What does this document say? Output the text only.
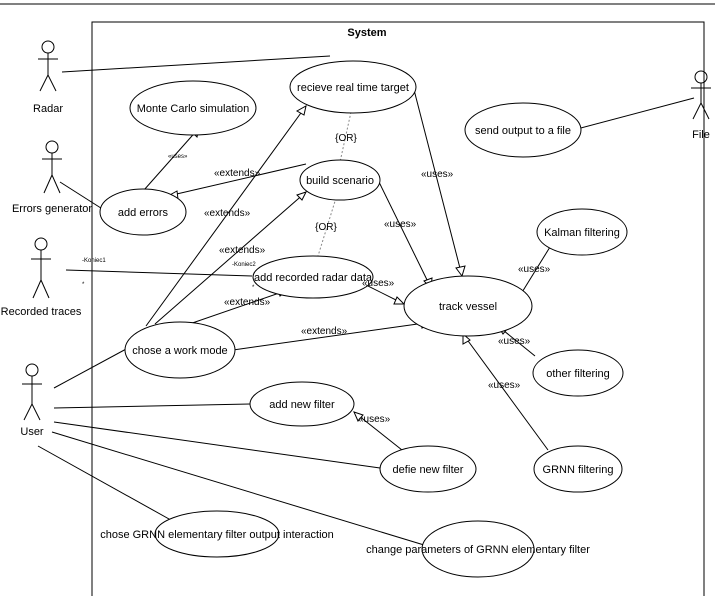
System
recieve real time target
Monte Carlo simulation
send output to a file
build scenario
add errors
add recorded radar data
track vessel
Kalman filtering
chose a work mode
other filtering
add new filter
defie new filter	GRNN filtering
chose GRNN elementary filter output interaction
change parameters of GRNN elementary filter
«uses»
{OR}
{OR}
«extends»
«extends»
«extends»
«extends»
«extends»
«uses»
«uses»
«uses»
«uses»
«uses»
«uses»
«uses»
-Koniec1
-Koniec2
*	*
Radar
Errors generator
Recorded traces
User
File
